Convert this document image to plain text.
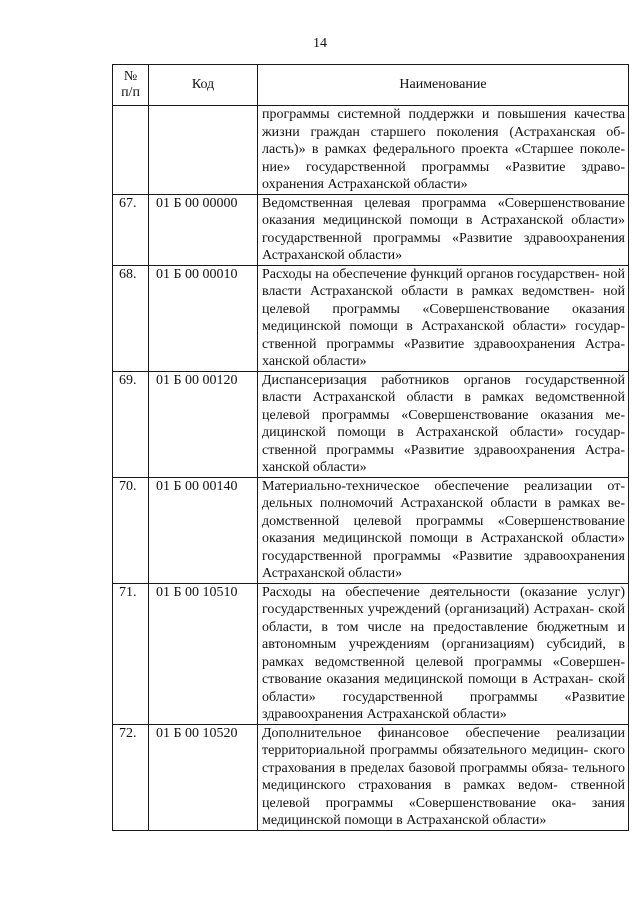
14
№
п/п	Код	Наименование
		программы системной поддержки и повышения качества жизни граждан старшего поколения (Астраханская об- ласть)» в рамках федерального проекта «Старшее поколе- ние» государственной программы «Развитие здраво- охранения Астраханской области»
67.	01 Б 00 00000	Ведомственная целевая программа «Совершенствование оказания медицинской помощи в Астраханской области» государственной программы «Развитие здравоохранения Астраханской области»
68.	01 Б 00 00010	Расходы на обеспечение функций органов государствен- ной власти Астраханской области в рамках ведомствен- ной целевой программы «Совершенствование оказания медицинской помощи в Астраханской области» государ- ственной программы «Развитие здравоохранения Астра- ханской области»
69.	01 Б 00 00120	Диспансеризация работников органов государственной власти Астраханской области в рамках ведомственной целевой программы «Совершенствование оказания ме- дицинской помощи в Астраханской области» государ- ственной программы «Развитие здравоохранения Астра- ханской области»
70.	01 Б 00 00140	Материально-техническое обеспечение реализации от- дельных полномочий Астраханской области в рамках ве- домственной целевой программы «Совершенствование оказания медицинской помощи в Астраханской области» государственной программы «Развитие здравоохранения Астраханской области»
71.	01 Б 00 10510	Расходы на обеспечение деятельности (оказание услуг) государственных учреждений (организаций) Астрахан- ской области, в том числе на предоставление бюджетным и автономным учреждениям (организациям) субсидий, в рамках ведомственной целевой программы «Совершен- ствование оказания медицинской помощи в Астрахан- ской области» государственной программы «Развитие здравоохранения Астраханской области»
72.	01 Б 00 10520	Дополнительное финансовое обеспечение реализации территориальной программы обязательного медицин- ского страхования в пределах базовой программы обяза- тельного медицинского страхования в рамках ведом- ственной целевой программы «Совершенствование ока- зания медицинской помощи в Астраханской области»
